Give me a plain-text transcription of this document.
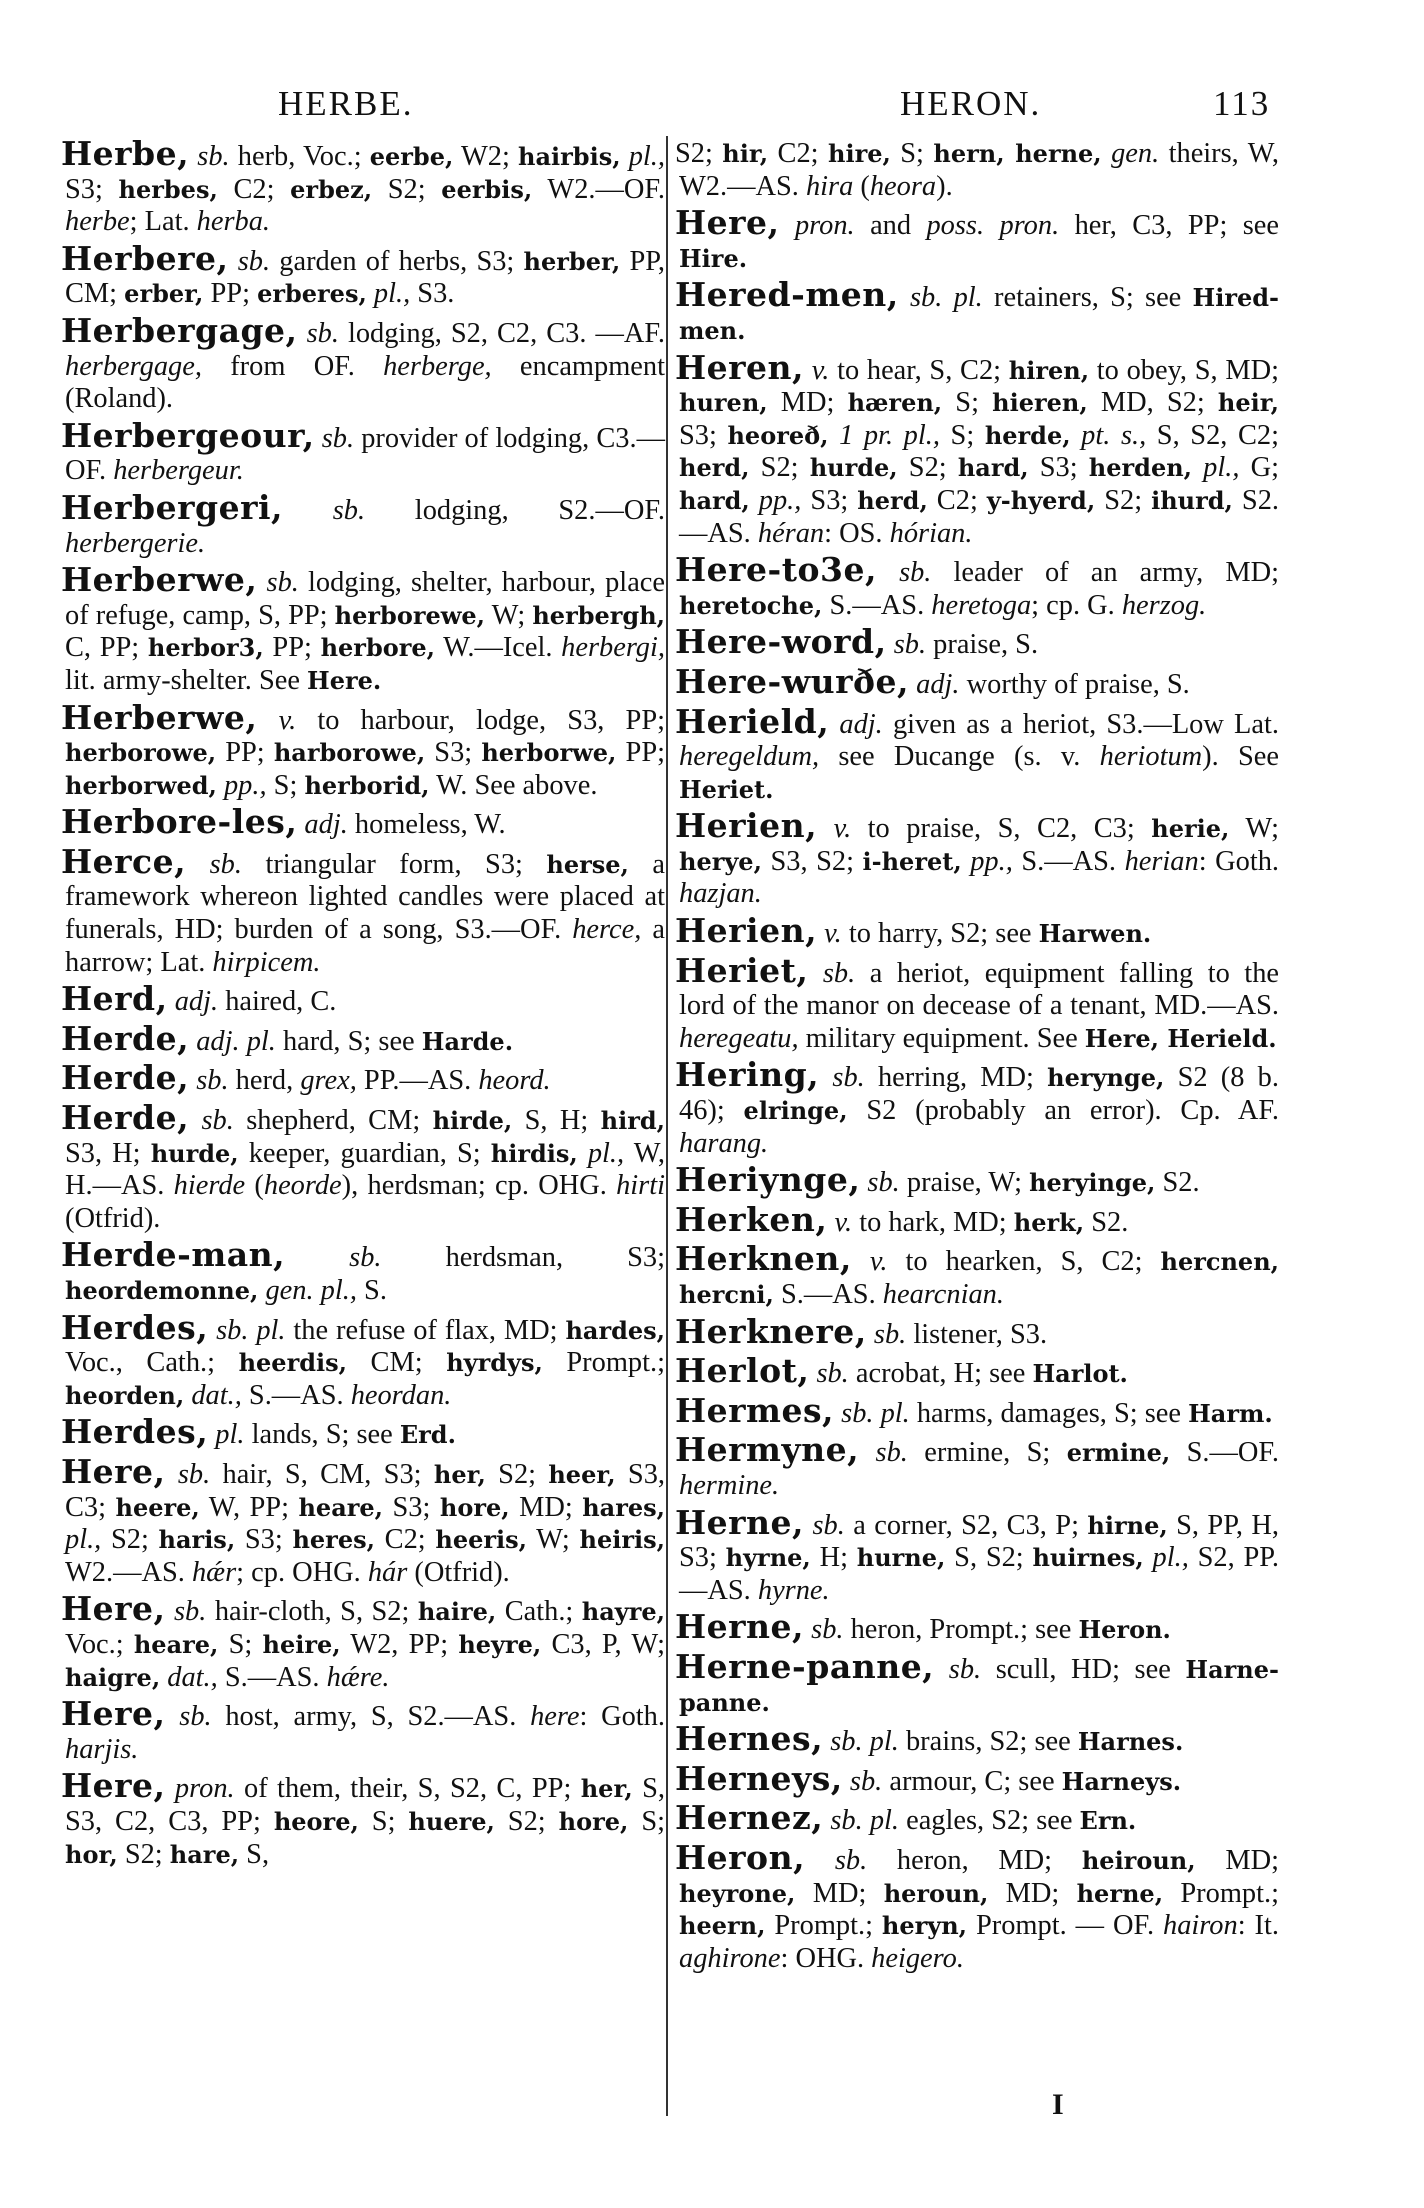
HERBE.	HERON.	113
Herbe, sb. herb, Voc.; eerbe, W2; hairbis, pl., S3; herbes, C2; erbez, S2; eerbis, W2.—OF. herbe; Lat. herba.
Herbere, sb. garden of herbs, S3; herber, PP, CM; erber, PP; erberes, pl., S3.
Herbergage, sb. lodging, S2, C2, C3. —AF. herbergage, from OF. herberge, encampment (Roland).
Herbergeour, sb. provider of lodging, C3.—OF. herbergeur.
Herbergeri, sb. lodging, S2.—OF. herbergerie.
Herberwe, sb. lodging, shelter, harbour, place of refuge, camp, S, PP; herborewe, W; herbergh, C, PP; herbor3, PP; herbore, W.—Icel. herbergi, lit. army-shelter. See Here.
Herberwe, v. to harbour, lodge, S3, PP; herborowe, PP; harborowe, S3; herborwe, PP; herborwed, pp., S; herborid, W. See above.
Herbore-les, adj. homeless, W.
Herce, sb. triangular form, S3; herse, a framework whereon lighted candles were placed at funerals, HD; burden of a song, S3.—OF. herce, a harrow; Lat. hirpicem.
Herd, adj. haired, C.
Herde, adj. pl. hard, S; see Harde.
Herde, sb. herd, grex, PP.—AS. heord.
Herde, sb. shepherd, CM; hirde, S, H; hird, S3, H; hurde, keeper, guardian, S; hirdis, pl., W, H.—AS. hierde (heorde), herdsman; cp. OHG. hirti (Otfrid).
Herde-man, sb. herdsman, S3; heordemonne, gen. pl., S.
Herdes, sb. pl. the refuse of flax, MD; hardes, Voc., Cath.; heerdis, CM; hyrdys, Prompt.; heorden, dat., S.—AS. heordan.
Herdes, pl. lands, S; see Erd.
Here, sb. hair, S, CM, S3; her, S2; heer, S3, C3; heere, W, PP; heare, S3; hore, MD; hares, pl., S2; haris, S3; heres, C2; heeris, W; heiris, W2.—AS. hǽr; cp. OHG. hár (Otfrid).
Here, sb. hair-cloth, S, S2; haire, Cath.; hayre, Voc.; heare, S; heire, W2, PP; heyre, C3, P, W; haigre, dat., S.—AS. hǽre.
Here, sb. host, army, S, S2.—AS. here: Goth. harjis.
Here, pron. of them, their, S, S2, C, PP; her, S, S3, C2, C3, PP; heore, S; huere, S2; hore, S; hor, S2; hare, S,
S2; hir, C2; hire, S; hern, herne, gen. theirs, W, W2.—AS. hira (heora).
Here, pron. and poss. pron. her, C3, PP; see Hire.
Hered-men, sb. pl. retainers, S; see Hired-men.
Heren, v. to hear, S, C2; hiren, to obey, S, MD; huren, MD; hæren, S; hieren, MD, S2; heir, S3; heoreð, 1 pr. pl., S; herde, pt. s., S, S2, C2; herd, S2; hurde, S2; hard, S3; herden, pl., G; hard, pp., S3; herd, C2; y-hyerd, S2; ihurd, S2.—AS. héran: OS. hórian.
Here-to3e, sb. leader of an army, MD; heretoche, S.—AS. heretoga; cp. G. herzog.
Here-word, sb. praise, S.
Here-wurðe, adj. worthy of praise, S.
Herield, adj. given as a heriot, S3.—Low Lat. heregeldum, see Ducange (s. v. heriotum). See Heriet.
Herien, v. to praise, S, C2, C3; herie, W; herye, S3, S2; i-heret, pp., S.—AS. herian: Goth. hazjan.
Herien, v. to harry, S2; see Harwen.
Heriet, sb. a heriot, equipment falling to the lord of the manor on decease of a tenant, MD.—AS. heregeatu, military equipment. See Here, Herield.
Hering, sb. herring, MD; herynge, S2 (8 b. 46); elringe, S2 (probably an error). Cp. AF. harang.
Heriynge, sb. praise, W; heryinge, S2.
Herken, v. to hark, MD; herk, S2.
Herknen, v. to hearken, S, C2; hercnen, hercni, S.—AS. hearcnian.
Herknere, sb. listener, S3.
Herlot, sb. acrobat, H; see Harlot.
Hermes, sb. pl. harms, damages, S; see Harm.
Hermyne, sb. ermine, S; ermine, S.—OF. hermine.
Herne, sb. a corner, S2, C3, P; hirne, S, PP, H, S3; hyrne, H; hurne, S, S2; huirnes, pl., S2, PP.—AS. hyrne.
Herne, sb. heron, Prompt.; see Heron.
Herne-panne, sb. scull, HD; see Harne-panne.
Hernes, sb. pl. brains, S2; see Harnes.
Herneys, sb. armour, C; see Harneys.
Hernez, sb. pl. eagles, S2; see Ern.
Heron, sb. heron, MD; heiroun, MD; heyrone, MD; heroun, MD; herne, Prompt.; heern, Prompt.; heryn, Prompt. — OF. hairon: It. aghirone: OHG. heigero.
I
